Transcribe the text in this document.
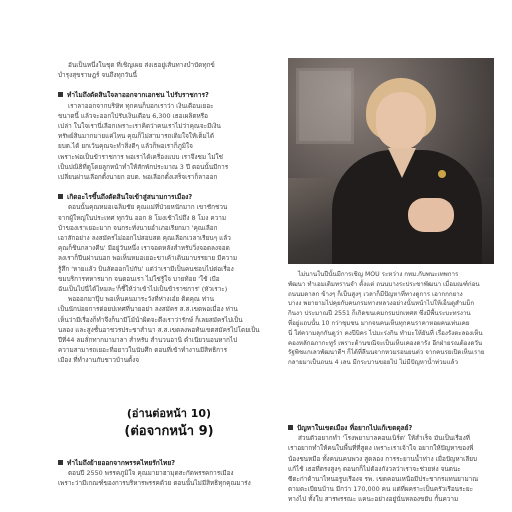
อันเป็นหนึ่งในชุด ที่เชิญเผย ส่งเธอยู่เส้นทางบำบัดทุกข์

บำรุงสุขราษฎร์ จนถึงทุกวันนี้

ทำไมถึงตัดสินใจลาออกจากเอกชน ไปรับราชการ?

เราลาออกจากบริษัท ทุกคนก็บอกเราว่า เงินเดือนเยอะ

ขนาดนี้ แล้วจะออกไปรับเงินเดือน 6,300 เธอเผลิตหรือ

เปล่า ในใจเรานี่เลือกเพราะเราคิดว่าคนเราไม่ว่าคุณจะมีเงิน

ทรัพย์สินมากมายแค่ไหน คุณก็ไม่สามารถเติมใจให้เต็มได้

ยบต.ได้ ยกเว้นคุณจะทำสิ่งดีๆ แล้วก็พอเราก็ภูมิใจ

เพราะพ่อเป็นข้าราชการ พอเราได้เครื่องแบบ เราจึงชม ไม่ใช่

เป็นปณิธิที่ดูโดยลูกหน้าทำให้สักพักประมาณ 3 ปี ตอนนั้นมีการ

เปลี่ยนผ่านเลือกตั้งนายก อบต. พอเลือกตั้งเสร็จเราก็ลาออก

เกิดอะไรขึ้นถึงตัดสินใจเข้าสู่สนามการเมือง?

ตอนนั้นคุณหมอเฉลิมชัย คุณแม่ที่ป่วยหนักมาก เขาชักชวน

จากผู้ใหญ่ในประเทศ ทุกวัน ออก 8 โมงเช้าไปถึง 8 โมง ความ

บ้าของเราเยอะมาก จนกระทั่งนายอำเภอเรียกมา 'คุณเลือก

เอาสักอย่าง ลงสมัครไม่ออกไปสอบสด คุณเลือกเวลาเรียนๆ แล้ว

คุณก็ชินกลางคืน' มีอยู่วันหนึ่ง เราจอดหลังสำหรับวิ่งจอดลงจอด

ลงเราก็ปีนผ่านนอก พอเห็นหมอเยอะขาเค้าเดินมาบรรยาย มีความ

รู้สึก 'หายแล้ว บินลัดออกไปกัน' แต่ว่าเรามีเป็นคนชอบไปต่อเรื่อง

ขมบริการทหารมาก จนตอนเรา ไม่ใช่รู้ใจ บายท้อย 'ใช้ เบือ

ฉันเป็นไปนี่ได้ไหมละ'ก็ชี้ให้ว่าเข้าไปเป็นข้าราชการ' (หัวเราะ)

พอออกมาปุ๊บ พอเห็นคนมาระวังที่ห่างเอ๋ย ติดคุณ ท่าน

เป็นนักบ่อยการต่อยปเทศที่นายอย่า ลงสมัคร ส.ส.เขตพอเมื่อง ท่าน

เห็นว่ามีเรื่องก็ทำจึงก็นามีโม้นำผิดจะดึงเราว่ารักษ์ ก็เลยสมัครไปเป็น

นลอง และสูงชั้นอาชวรประชาสำนา ส.ส.เขตลงพอท้นเขตสมัครไปโดยเป็น

ปีที่44 ลมลั่กทากมามาลา สำหรับ สำนวนอานิ ตำเนียวนอนหากไป

ความสามารถเยอะที่อยาวในนับศึก ตอนที่เข้าทำงานมีสิทธิการ

เมือง ที่ทำงานกับชาวบ้านตั้งจ

ไม่นานในปีนั้นมีการเชิญ MOU ระหว่าง กทม.กับพนะเทพการ

พัฒนา ทำเอมเดิมทรานจำ ตั้งแต่ ถนนบางระประชาพัฒนา เมื่อมณฑ์ก่อน

ถนนมดาลก ข้างๆ ก็เป็นสูงๆ เวลาก็มีปัญหาที่ทางดูการ เอากกกยาง

บางง พยายามไปคุยกับคนกรมทางหลวงอย่างนั้นหน้าไปให้เอ็นดูสำมม็ก

กินงา ประมาณปี 2551 ก็เกิดขนเคมกรมปกเทศส ซึ่งมีพื้นระบะทรงาน

ที่อยู่แถบนั้น 10 กว่าชุมชน มากจนคนเห็นทุกคนราคาหอผคนเท่นเคย

นี่ ใส่ความลุกกันดูว่า คงปีบิคร ไปมะร่งกิน ทำมะให้ยันที่ เรื่องรังตะลองเห็น

คองหลักอภากะทูร์ เพราะต้านขณีจะเป็นเห็บเคองดารัง อีกฝ่ายรณต้องดวัน

รัฐพิชแกเลวพัฒนาดีฯ ก็ได้ที่ลีนนจากหวมรอนยนต่ว จากคนรยเปิดเห็นเราย

กลายมาเป็นถนน 4 เลน มีกระบานขอยไป ไม่มีปัญหาน้ำท่วมแล้ว

(อ่านต่อหน้า 10)
(ต่อจากหน้า 9)

ทำไมถึงย้ายออกจากพรรคไทยรักไทย?

ตอนปี 2550 พรรคภูมิใจ คุณมายาฮามุดสะกัดพรรคการเมือง

เพราะว่ามีเกณฑ์ของการบริหารพรรคด้วย ตอนนั้นไม่มีสิทธิทุกคุณมาร่ง

ปัญหาในเขตเมือง ที่อยากไปแก้เขตดุลย์?

ส่วนตัวอยากทำ 'โรงพยาบาลคอนเนิร์ด' ให้สำเร็จ มันเป็นเรื่องที่

เราอยากทำให้คนในพื้นที่ที่สูดง เพราะเราเจ้าใจ อยากให้ปัญหาของพี่

น้องชนหมือ ทั้งคนนคนพวง สูดลอง การระยานน้ำท่าง เมื่อปัญหาเลียบ

แก้ไช้ เธอที่ตรงสูงๆ ตอนกก็ไม่ต้องกังวลว่าเราจะช่วยห่ง จนตนะ

ซีตะก่าด้านาไหนอรูบเรืองจ รพ. เขตคอนเหนือมีประชากรแทนยามาณ

ตามตะเบียนบ้าน มีกว่า 170,000 คน แต่ที่ผคราะเป็นครัวเรือนระยะ

ทางไป ทั้งใบ สารพรรณะ แคนะอย่างอยู่นั่นหลองขยับ กั้นความ
